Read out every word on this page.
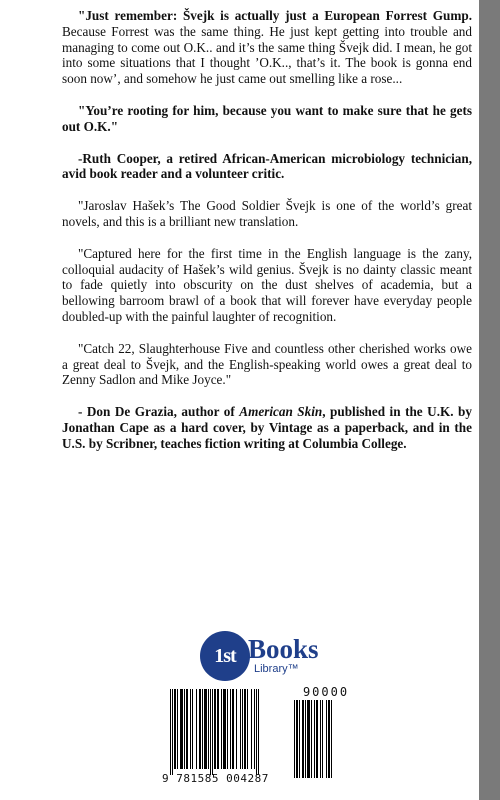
"Just remember: Švejk is actually just a European Forrest Gump. Because Forrest was the same thing. He just kept getting into trouble and managing to come out O.K.. and it’s the same thing Švejk did. I mean, he got into some situations that I thought ’O.K.., that’s it. The book is gonna end soon now’, and somehow he just came out smelling like a rose...

"You’re rooting for him, because you want to make sure that he gets out O.K."

-Ruth Cooper, a retired African-American microbiology technician, avid book reader and a volunteer critic.

"Jaroslav Hašek’s The Good Soldier Švejk is one of the world’s great novels, and this is a brilliant new translation.

"Captured here for the first time in the English language is the zany, colloquial audacity of Hašek’s wild genius. Švejk is no dainty classic meant to fade quietly into obscurity on the dust shelves of academia, but a bellowing barroom brawl of a book that will forever have everyday people doubled-up with the painful laughter of recognition.

"Catch 22, Slaughterhouse Five and countless other cherished works owe a great deal to Švejk, and the English-speaking world owes a great deal to Zenny Sadlon and Mike Joyce."

- Don De Grazia, author of American Skin, published in the U.K. by Jonathan Cape as a hard cover, by Vintage as a paperback, and in the U.S. by Scribner, teaches fiction writing at Columbia College.

1st Books
Library™
9 781585 004287
90000
